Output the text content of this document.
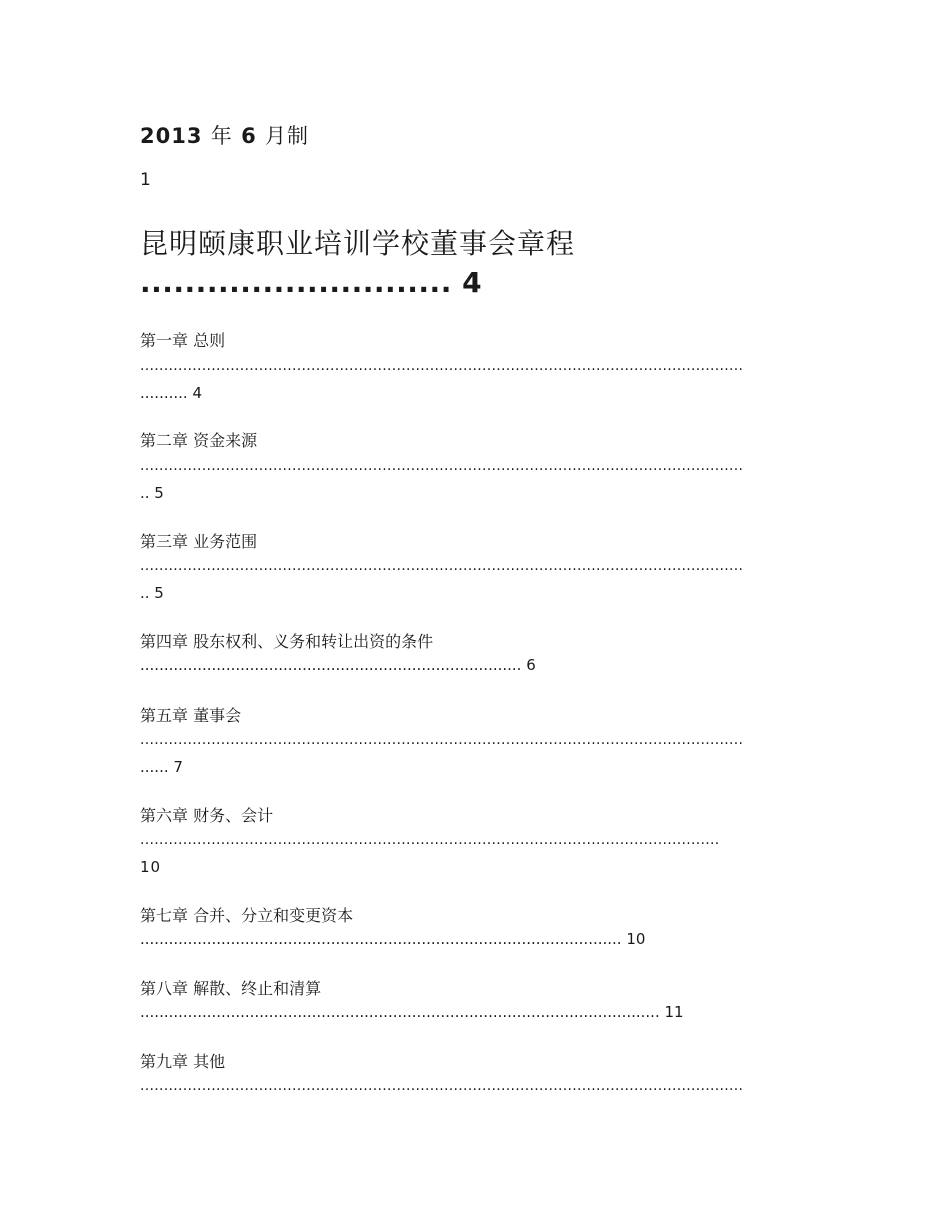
2013 年 6 月制

1

昆明颐康职业培训学校董事会章程

............................ 4

第一章 总则

...............................................................................................................................

.......... 4

第二章 资金来源

...............................................................................................................................

.. 5

第三章 业务范围

...............................................................................................................................

.. 5

第四章 股东权利、义务和转让出资的条件

................................................................................ 6

第五章 董事会

...............................................................................................................................

...... 7

第六章 财务、会计

..........................................................................................................................

10

第七章 合并、分立和变更资本

..................................................................................................... 10

第八章 解散、终止和清算

............................................................................................................. 11

第九章 其他

...............................................................................................................................
